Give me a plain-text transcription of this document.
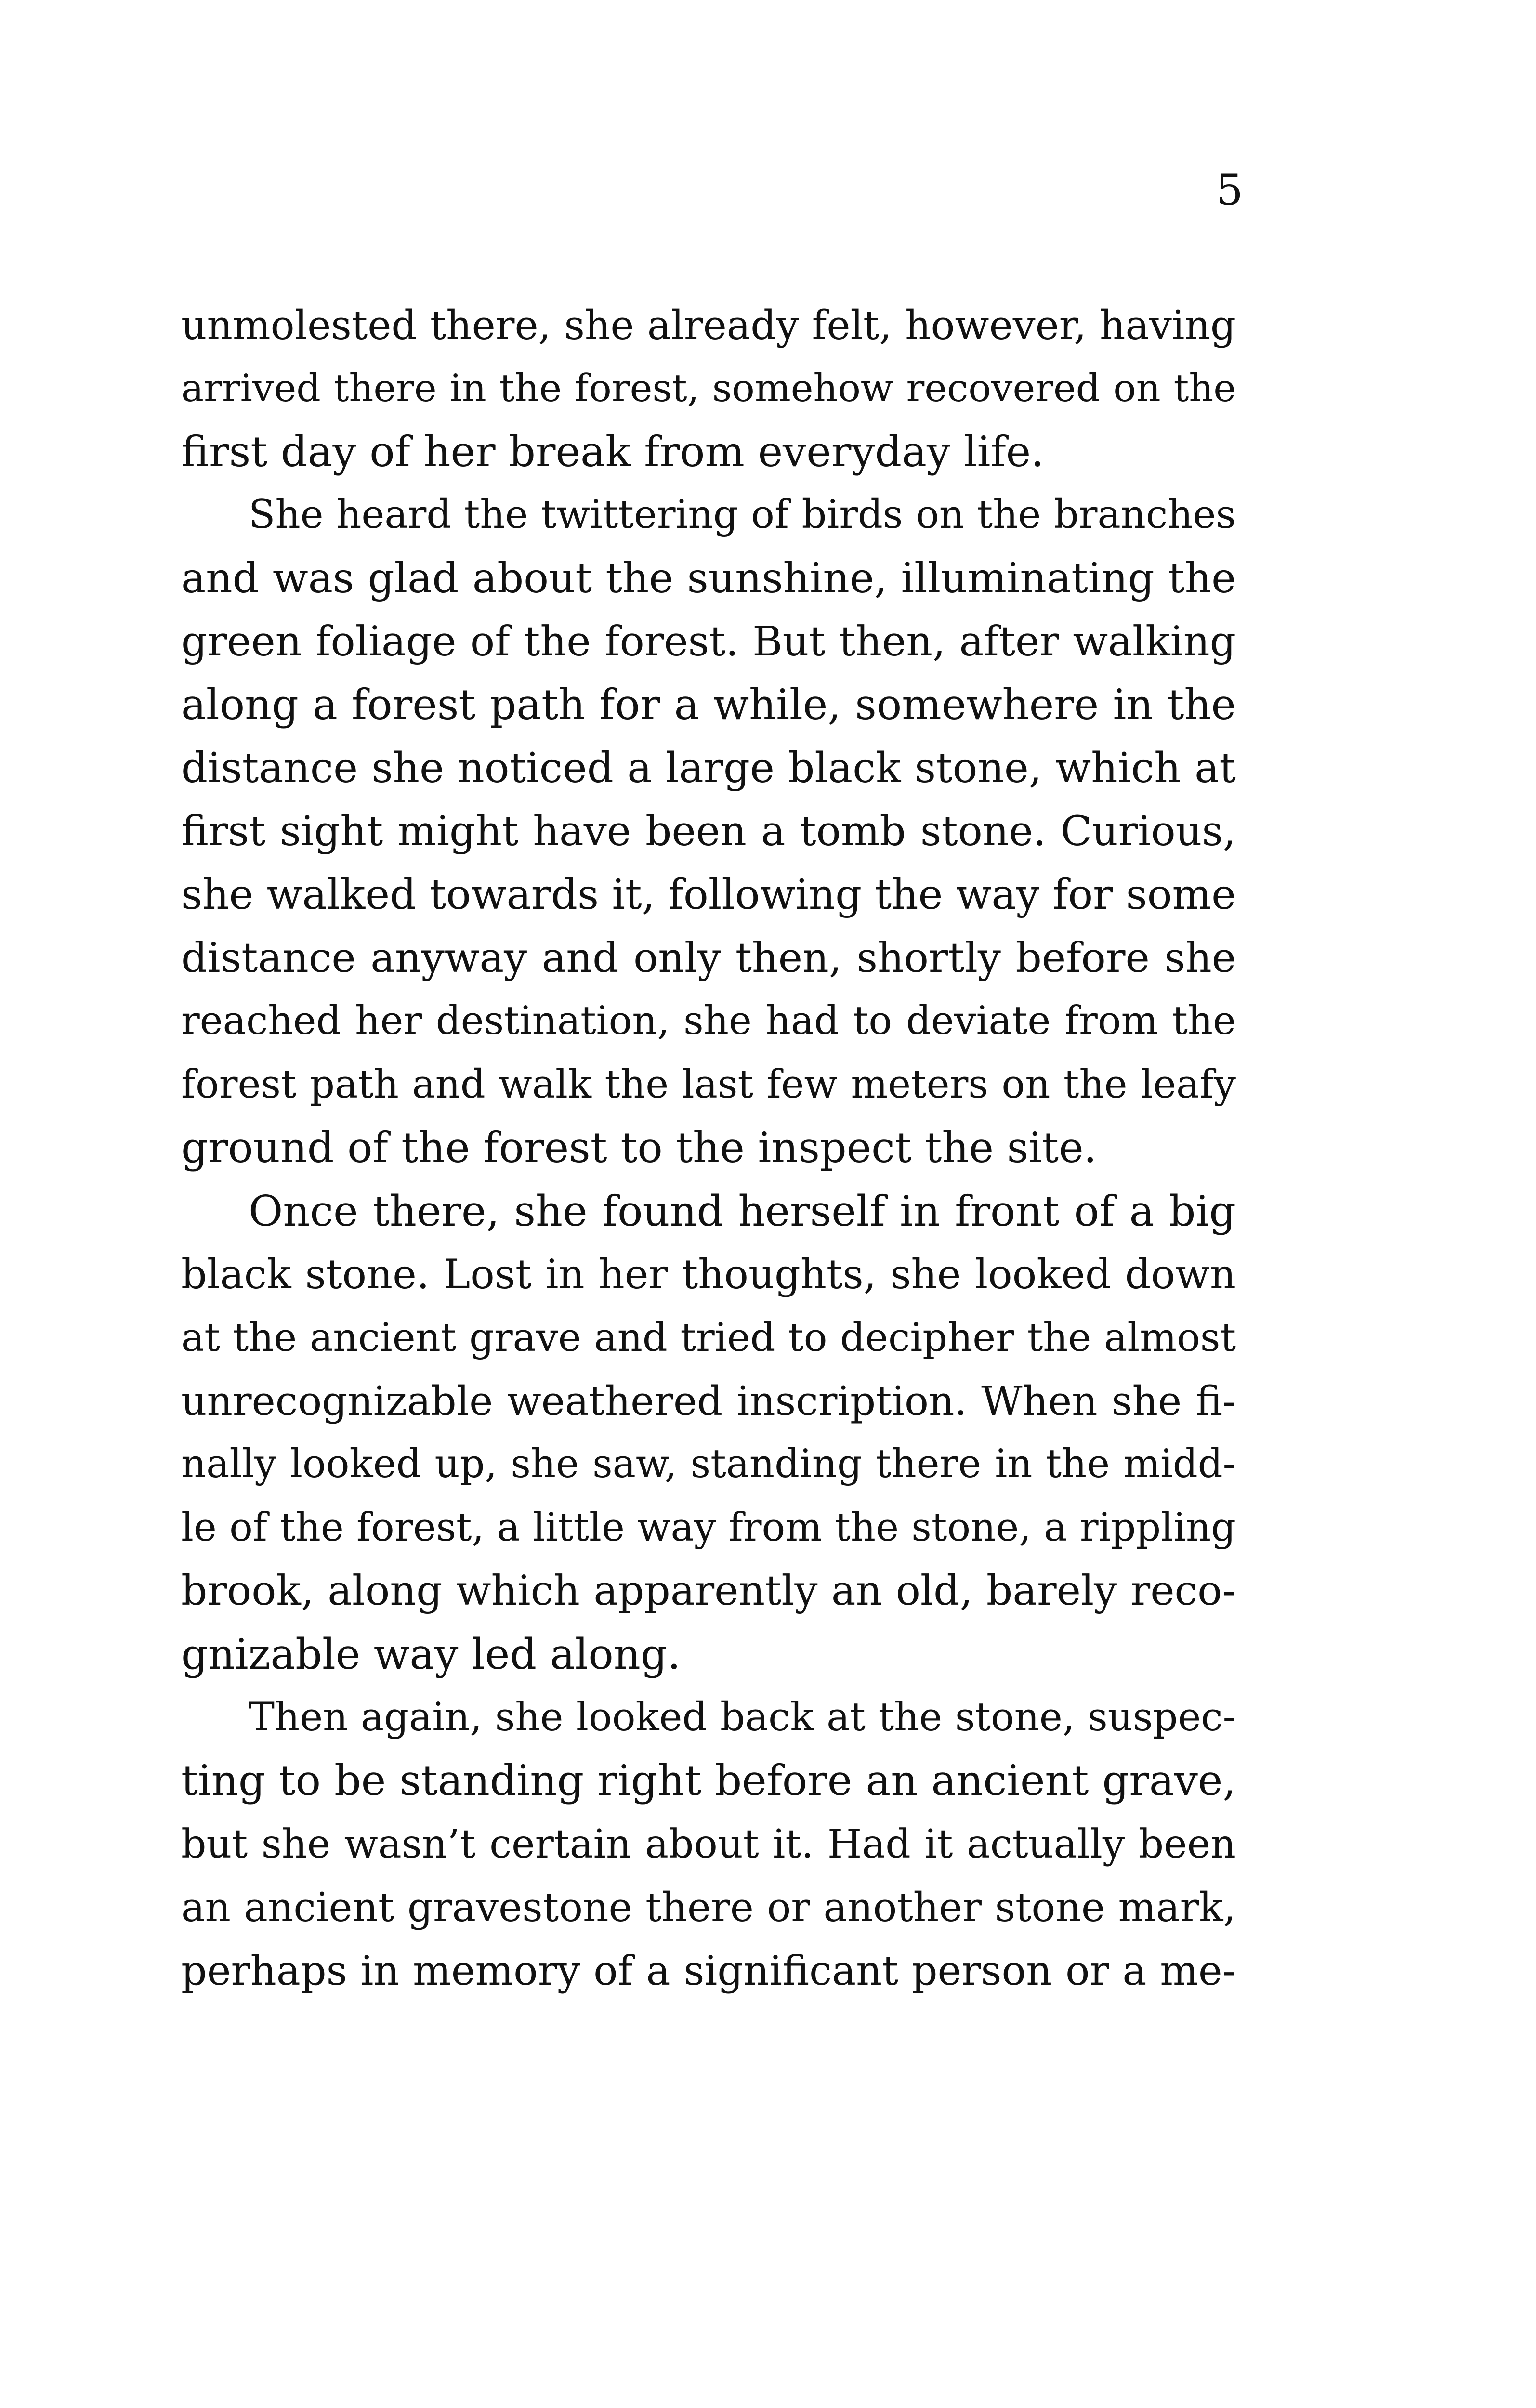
5

unmolested there, she already felt, however, having
arrived there in the forest, somehow recovered on the
first day of her break from everyday life.

She heard the twittering of birds on the branches
and was glad about the sunshine, illuminating the
green foliage of the forest. But then, after walking
along a forest path for a while, somewhere in the
distance she noticed a large black stone, which at
first sight might have been a tomb stone. Curious,
she walked towards it, following the way for some
distance anyway and only then, shortly before she
reached her destination, she had to deviate from the
forest path and walk the last few meters on the leafy
ground of the forest to the inspect the site.

Once there, she found herself in front of a big
black stone. Lost in her thoughts, she looked down
at the ancient grave and tried to decipher the almost
unrecognizable weathered inscription. When she fi-
nally looked up, she saw, standing there in the midd-
le of the forest, a little way from the stone, a rippling
brook, along which apparently an old, barely reco-
gnizable way led along.

Then again, she looked back at the stone, suspec-
ting to be standing right before an ancient grave,
but she wasn’t certain about it. Had it actually been
an ancient gravestone there or another stone mark,
perhaps in memory of a significant person or a me-
